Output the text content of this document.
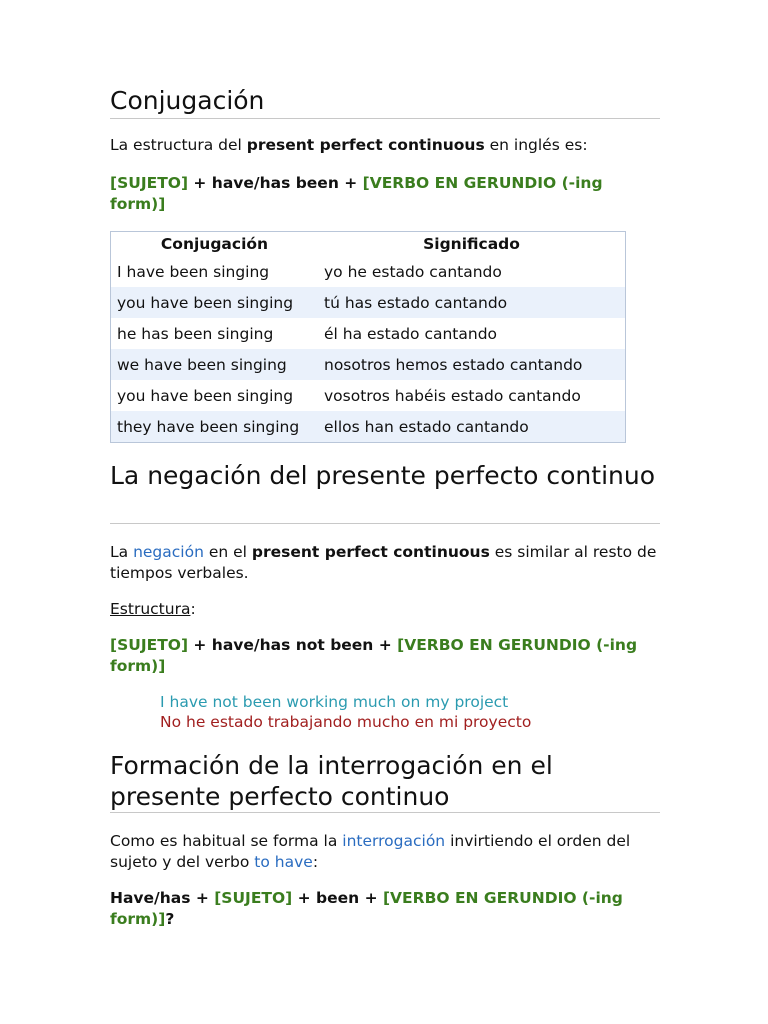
Conjugación

La estructura del present perfect continuous en inglés es:

[SUJETO] + have/has been + [VERBO EN GERUNDIO (-ing form)]

Conjugación	Significado
I have been singing	yo he estado cantando
you have been singing	tú has estado cantando
he has been singing	él ha estado cantando
we have been singing	nosotros hemos estado cantando
you have been singing	vosotros habéis estado cantando
they have been singing	ellos han estado cantando
La negación del presente perfecto continuo

La negación en el present perfect continuous es similar al resto de tiempos verbales.

Estructura:

[SUJETO] + have/has not been + [VERBO EN GERUNDIO (-ing form)]

I have not been working much on my project

No he estado trabajando mucho en mi proyecto

Formación de la interrogación en el presente perfecto continuo

Como es habitual se forma la interrogación invirtiendo el orden del sujeto y del verbo to have:

Have/has + [SUJETO] + been + [VERBO EN GERUNDIO (-ing form)]?
